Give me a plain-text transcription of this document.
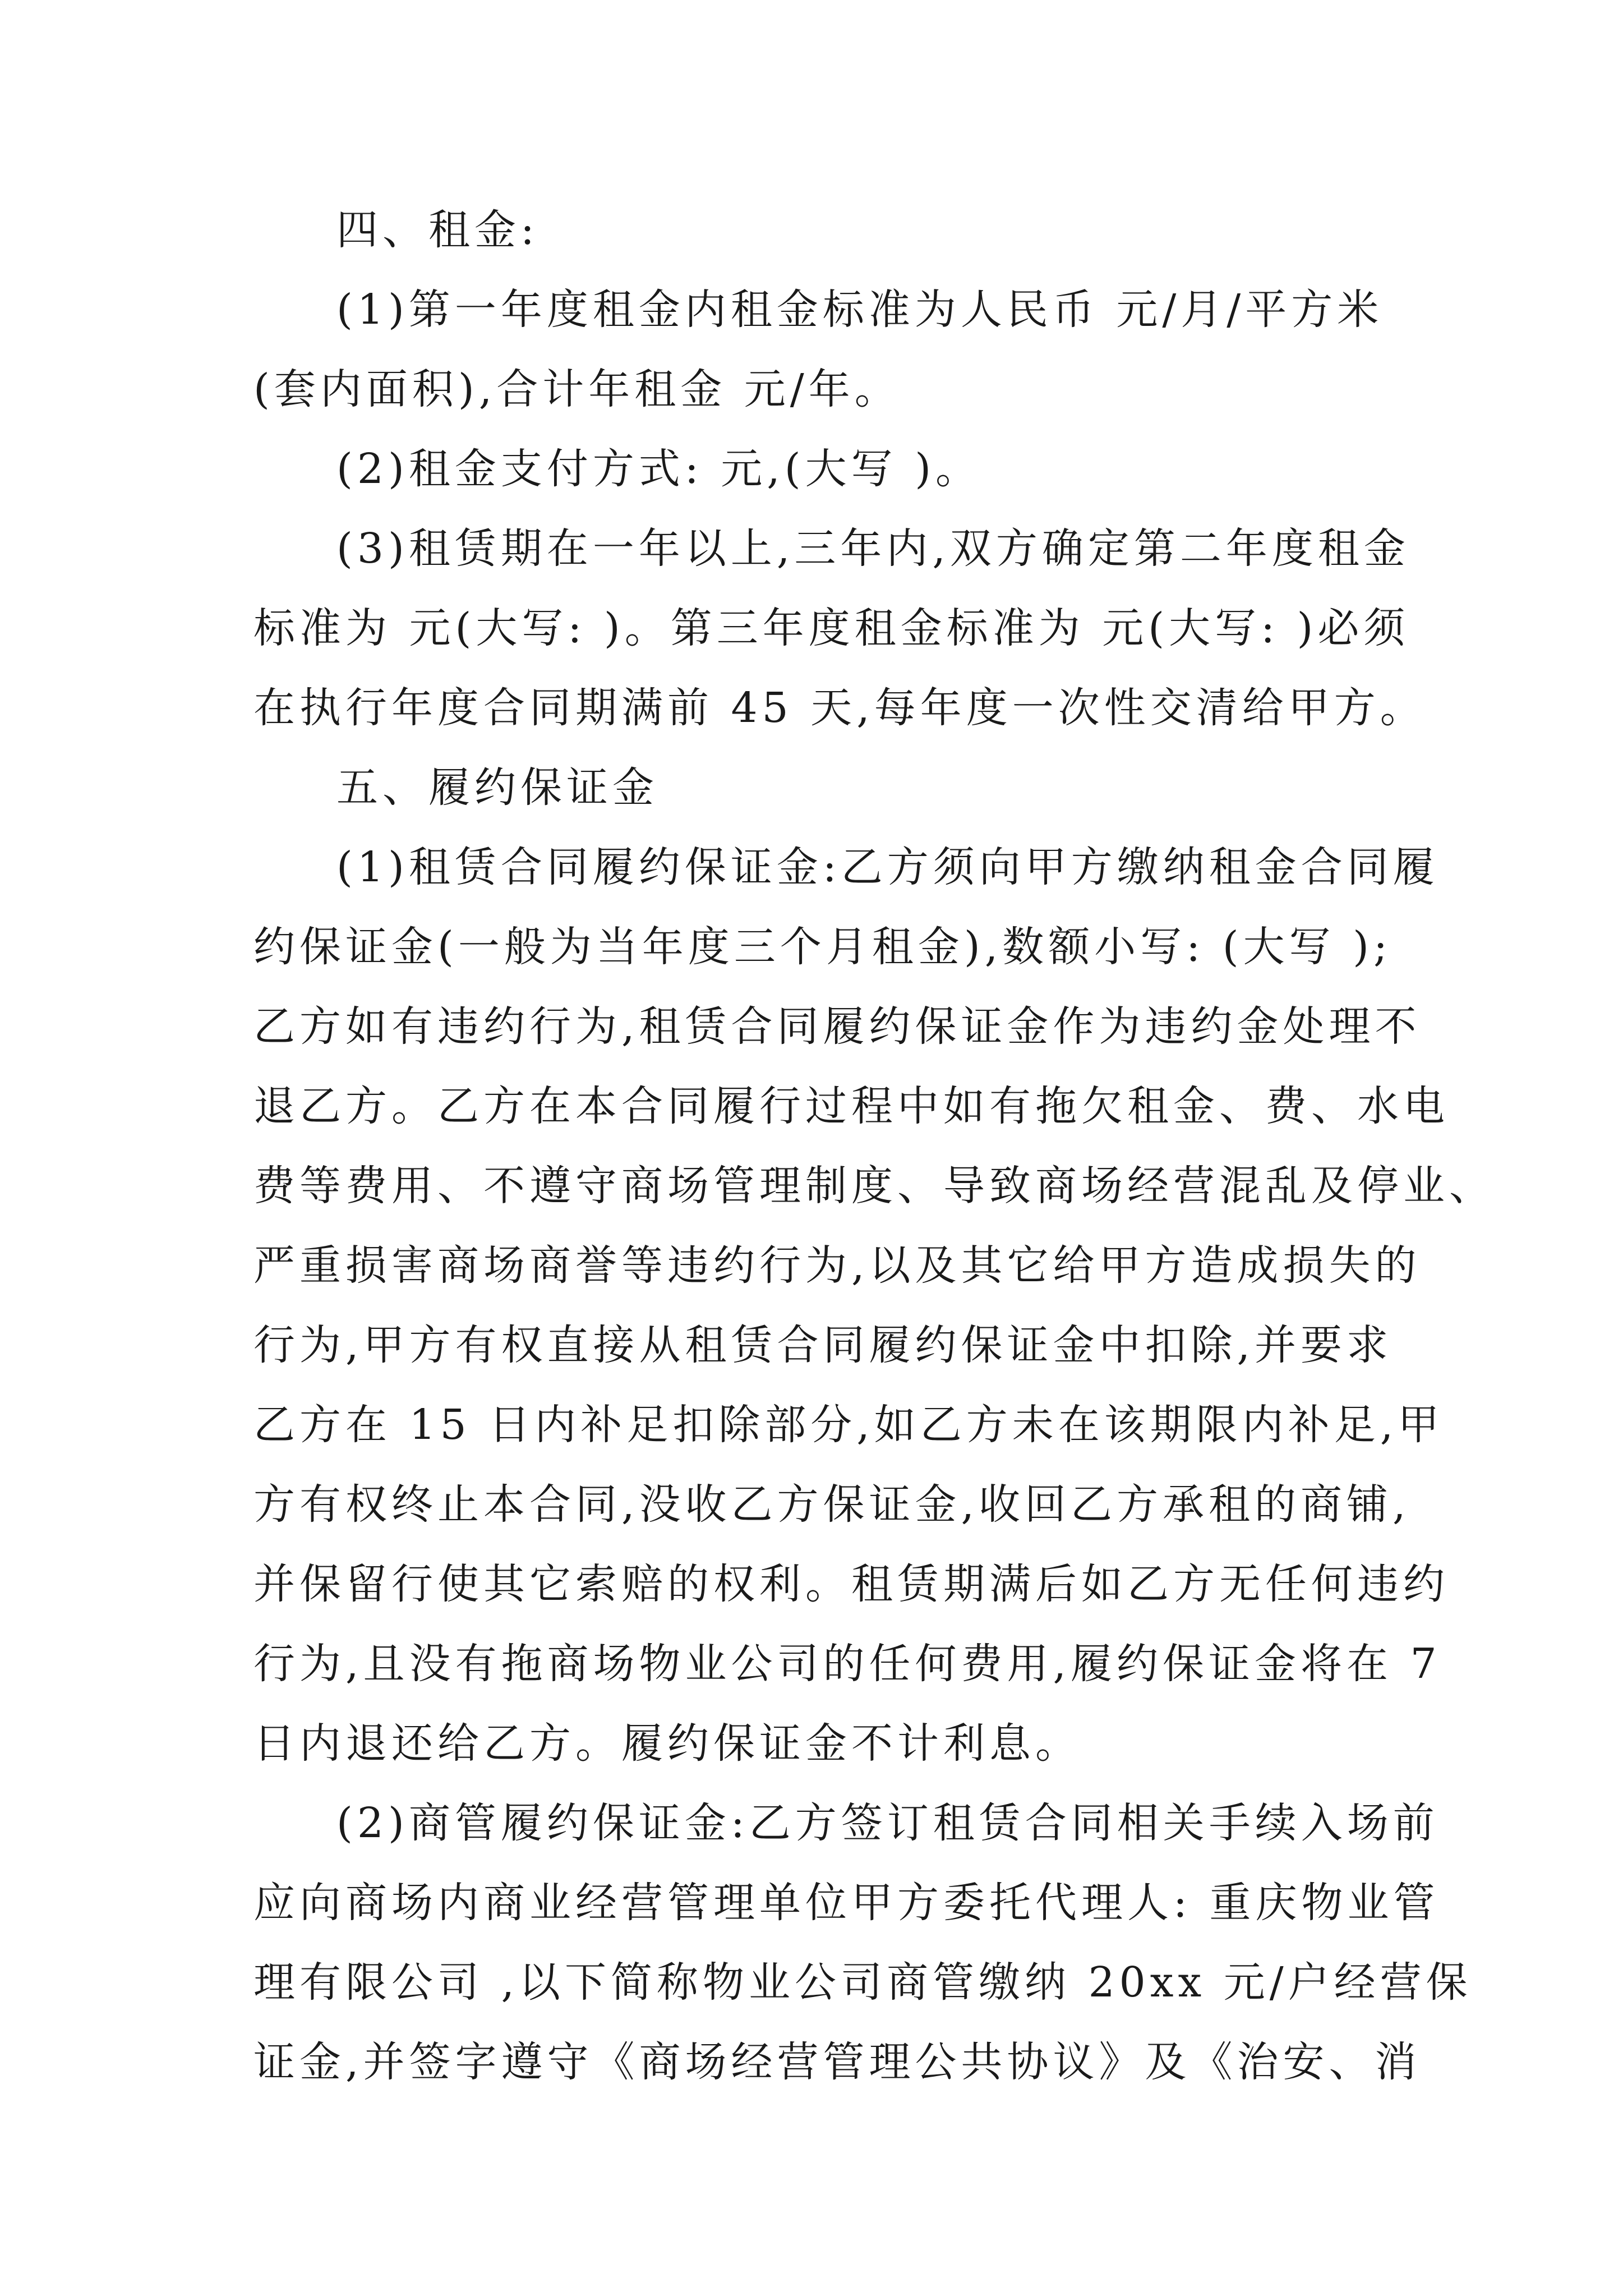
四、租金:
(1)第一年度租金内租金标准为人民币 元/月/平方米
(套内面积),合计年租金 元/年。
(2)租金支付方式: 元,(大写 )。
(3)租赁期在一年以上,三年内,双方确定第二年度租金
标准为 元(大写: )。第三年度租金标准为 元(大写: )必须
在执行年度合同期满前 45 天,每年度一次性交清给甲方。
五、履约保证金
(1)租赁合同履约保证金:乙方须向甲方缴纳租金合同履
约保证金(一般为当年度三个月租金),数额小写: (大写 );
乙方如有违约行为,租赁合同履约保证金作为违约金处理不
退乙方。乙方在本合同履行过程中如有拖欠租金、费、水电
费等费用、不遵守商场管理制度、导致商场经营混乱及停业、
严重损害商场商誉等违约行为,以及其它给甲方造成损失的
行为,甲方有权直接从租赁合同履约保证金中扣除,并要求
乙方在 15 日内补足扣除部分,如乙方未在该期限内补足,甲
方有权终止本合同,没收乙方保证金,收回乙方承租的商铺,
并保留行使其它索赔的权利。租赁期满后如乙方无任何违约
行为,且没有拖商场物业公司的任何费用,履约保证金将在 7
日内退还给乙方。履约保证金不计利息。
(2)商管履约保证金:乙方签订租赁合同相关手续入场前
应向商场内商业经营管理单位甲方委托代理人: 重庆物业管
理有限公司 ,以下简称物业公司商管缴纳 20xx 元/户经营保
证金,并签字遵守《商场经营管理公共协议》及《治安、消
